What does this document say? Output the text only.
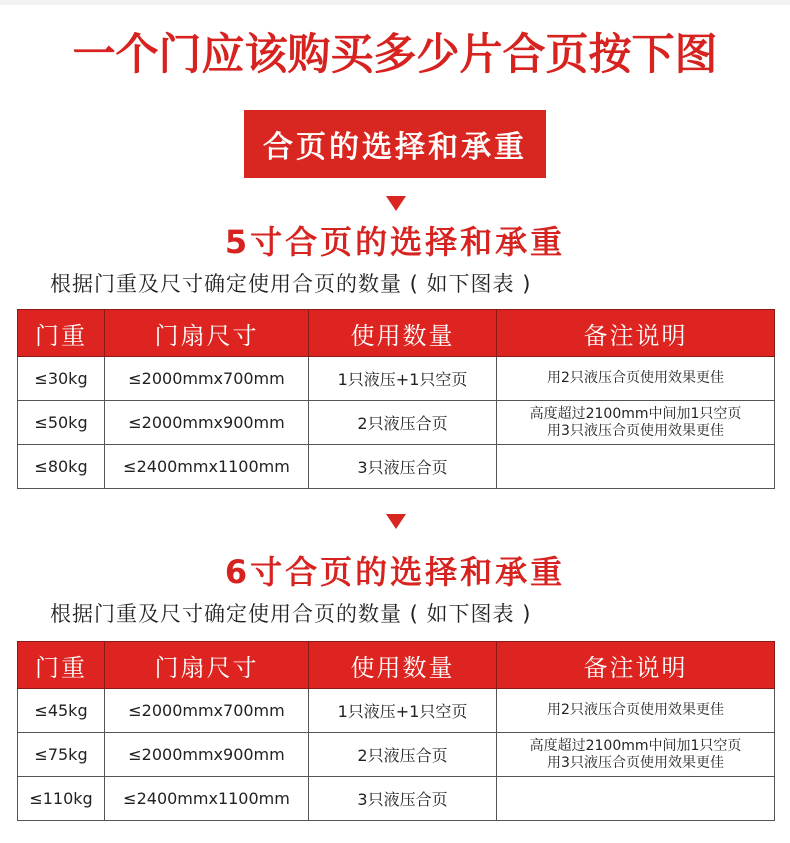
一个门应该购买多少片合页按下图
合页的选择和承重
5寸合页的选择和承重
根据门重及尺寸确定使用合页的数量 ( 如下图表 )
门重	门扇尺寸	使用数量	备注说明
≤30kg	≤2000mmx700mm	1只液压+1只空页	用2只液压合页使用效果更佳

≤50kg	≤2000mmx900mm	2只液压合页	高度超过2100mm中间加1只空页
用3只液压合页使用效果更佳

≤80kg	≤2400mmx1100mm	3只液压合页	
6寸合页的选择和承重
根据门重及尺寸确定使用合页的数量 ( 如下图表 )
门重	门扇尺寸	使用数量	备注说明
≤45kg	≤2000mmx700mm	1只液压+1只空页	用2只液压合页使用效果更佳

≤75kg	≤2000mmx900mm	2只液压合页	高度超过2100mm中间加1只空页
用3只液压合页使用效果更佳

≤110kg	≤2400mmx1100mm	3只液压合页	
